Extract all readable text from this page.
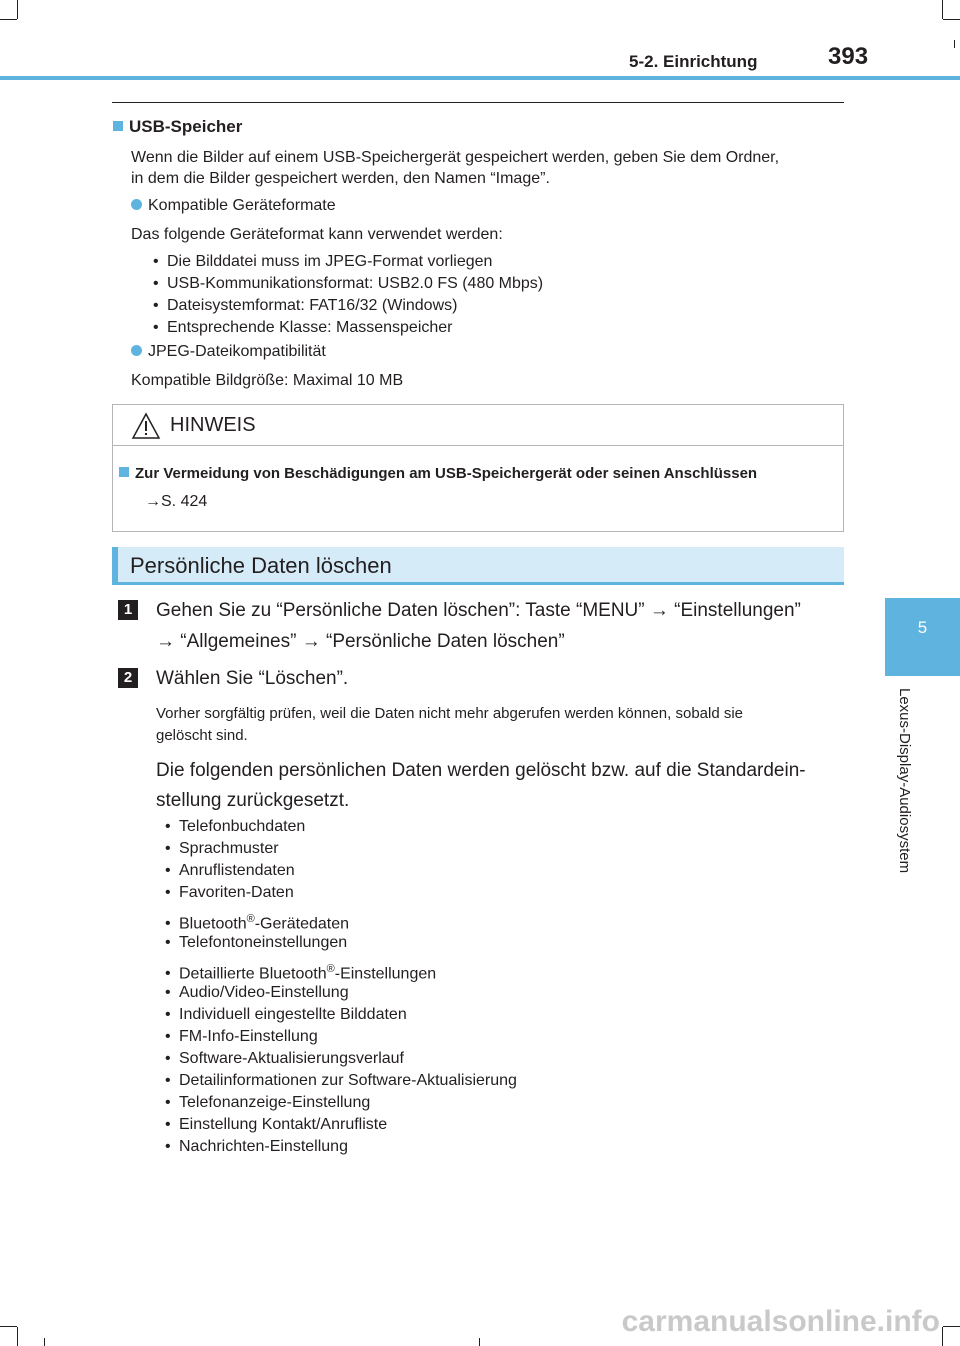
5-2. Einrichtung	393
5
Lexus-Display-Audiosystem
USB-Speicher
Wenn die Bilder auf einem USB-Speichergerät gespeichert werden, geben Sie dem Ordner,
in dem die Bilder gespeichert werden, den Namen “Image”.
Kompatible Geräteformate
Das folgende Geräteformat kann verwendet werden:
• Die Bilddatei muss im JPEG-Format vorliegen
• USB-Kommunikationsformat: USB2.0 FS (480 Mbps)
• Dateisystemformat: FAT16/32 (Windows)
• Entsprechende Klasse: Massenspeicher
JPEG-Dateikompatibilität
Kompatible Bildgröße: Maximal 10 MB
HINWEIS
Zur Vermeidung von Beschädigungen am USB-Speichergerät oder seinen Anschlüssen
→S. 424
Persönliche Daten löschen
1	Gehen Sie zu “Persönliche Daten löschen”: Taste “MENU” → “Einstellungen”
→ “Allgemeines” → “Persönliche Daten löschen”
2	Wählen Sie “Löschen”.
Vorher sorgfältig prüfen, weil die Daten nicht mehr abgerufen werden können, sobald sie
gelöscht sind.
Die folgenden persönlichen Daten werden gelöscht bzw. auf die Standardein-
stellung zurückgesetzt.
• Telefonbuchdaten
• Sprachmuster
• Anruflistendaten
• Favoriten-Daten
• Bluetooth®-Gerätedaten
• Telefontoneinstellungen
• Detaillierte Bluetooth®-Einstellungen
• Audio/Video-Einstellung
• Individuell eingestellte Bilddaten
• FM-Info-Einstellung
• Software-Aktualisierungsverlauf
• Detailinformationen zur Software-Aktualisierung
• Telefonanzeige-Einstellung
• Einstellung Kontakt/Anrufliste
• Nachrichten-Einstellung
carmanualsonline.info
